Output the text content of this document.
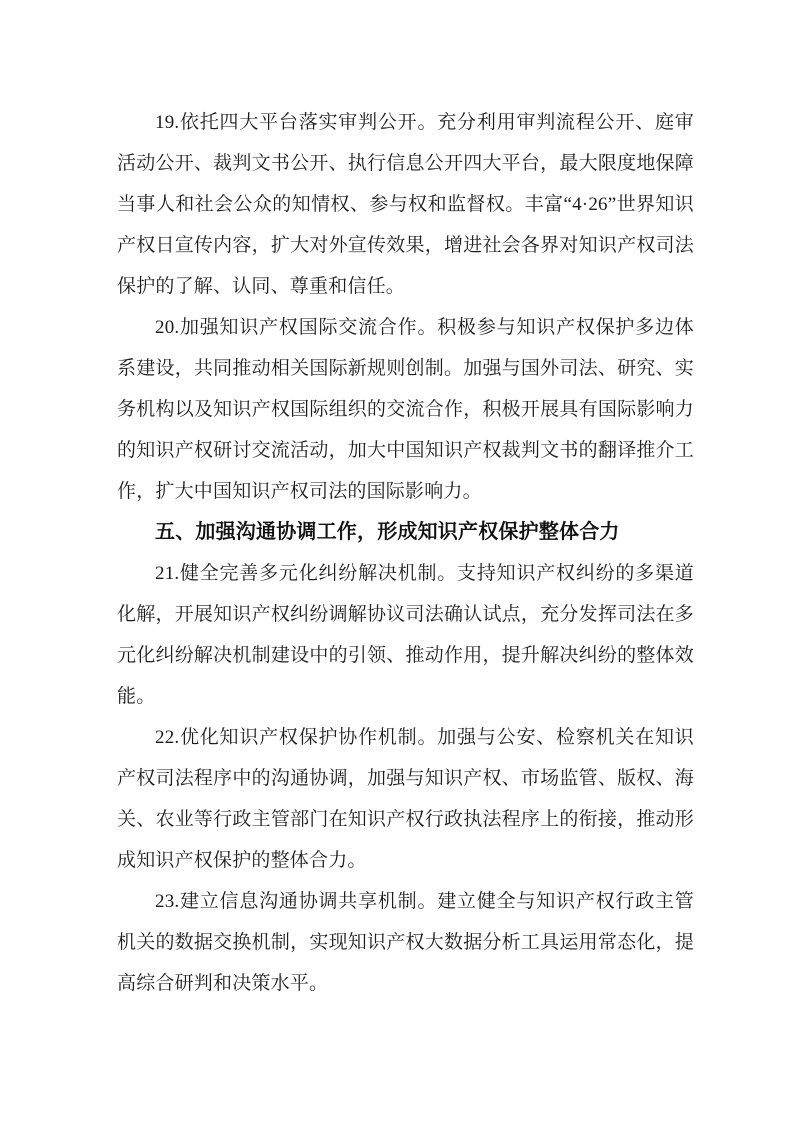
19.依托四大平台落实审判公开。充分利用审判流程公开、庭审活动公开、裁判文书公开、执行信息公开四大平台，最大限度地保障当事人和社会公众的知情权、参与权和监督权。丰富“4·26”世界知识产权日宣传内容，扩大对外宣传效果，增进社会各界对知识产权司法保护的了解、认同、尊重和信任。

20.加强知识产权国际交流合作。积极参与知识产权保护多边体系建设，共同推动相关国际新规则创制。加强与国外司法、研究、实务机构以及知识产权国际组织的交流合作，积极开展具有国际影响力的知识产权研讨交流活动，加大中国知识产权裁判文书的翻译推介工作，扩大中国知识产权司法的国际影响力。

五、加强沟通协调工作，形成知识产权保护整体合力

21.健全完善多元化纠纷解决机制。支持知识产权纠纷的多渠道化解，开展知识产权纠纷调解协议司法确认试点，充分发挥司法在多元化纠纷解决机制建设中的引领、推动作用，提升解决纠纷的整体效能。

22.优化知识产权保护协作机制。加强与公安、检察机关在知识产权司法程序中的沟通协调，加强与知识产权、市场监管、版权、海关、农业等行政主管部门在知识产权行政执法程序上的衔接，推动形成知识产权保护的整体合力。

23.建立信息沟通协调共享机制。建立健全与知识产权行政主管机关的数据交换机制，实现知识产权大数据分析工具运用常态化，提高综合研判和决策水平。
